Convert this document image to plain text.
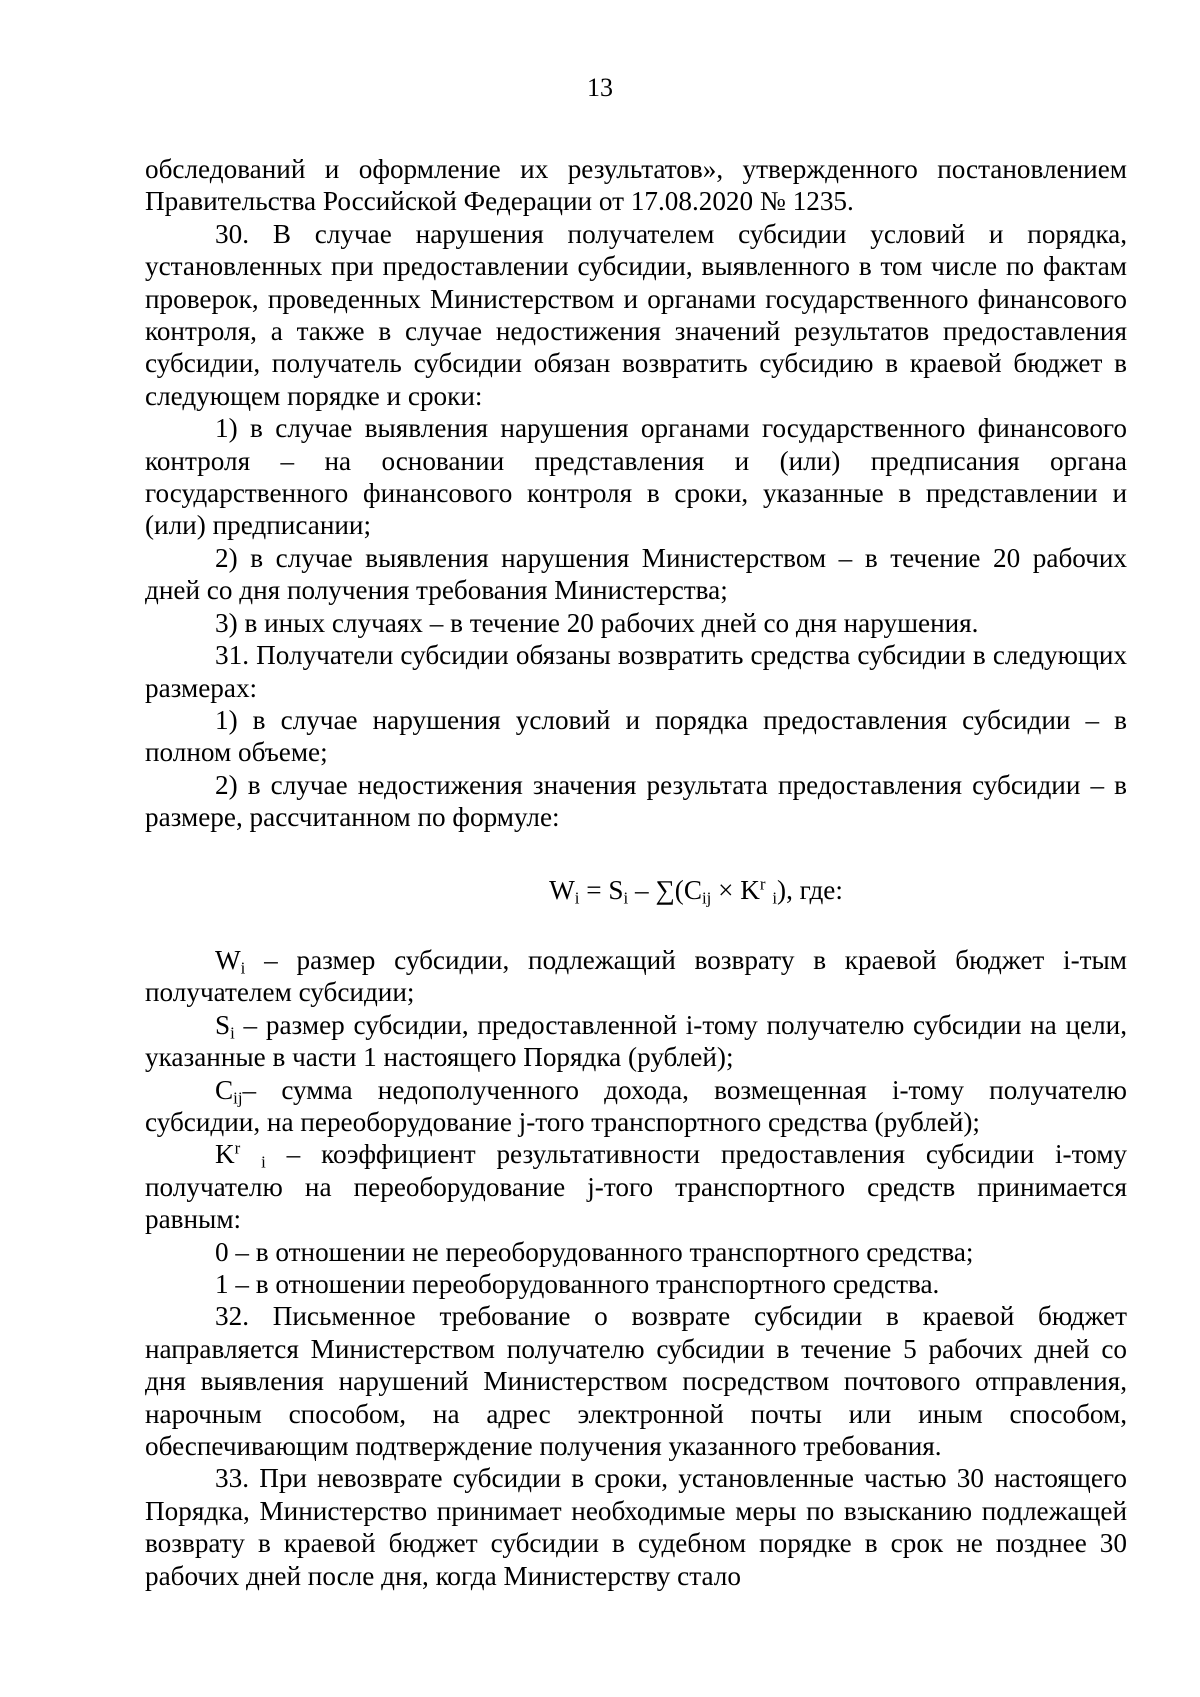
13

обследований и оформление их результатов», утвержденного постановлением Правительства Российской Федерации от 17.08.2020 № 1235.

30. В случае нарушения получателем субсидии условий и порядка, установленных при предоставлении субсидии, выявленного в том числе по фактам проверок, проведенных Министерством и органами государственного финансового контроля, а также в случае недостижения значений результатов предоставления субсидии, получатель субсидии обязан возвратить субсидию в краевой бюджет в следующем порядке и сроки:

1) в случае выявления нарушения органами государственного финансового контроля – на основании представления и (или) предписания органа государственного финансового контроля в сроки, указанные в представлении и (или) предписании;

2) в случае выявления нарушения Министерством – в течение 20 рабочих дней со дня получения требования Министерства;

3) в иных случаях – в течение 20 рабочих дней со дня нарушения.

31. Получатели субсидии обязаны возвратить средства субсидии в следующих размерах:

1) в случае нарушения условий и порядка предоставления субсидии – в полном объеме;

2) в случае недостижения значения результата предоставления субсидии – в размере, рассчитанном по формуле:

$W_i = S_i - \sum(C_{ij} \times K^r$ $_i$), где:

$W_i$ – размер субсидии, подлежащий возврату в краевой бюджет i-тым получателем субсидии;

$S_i$ – размер субсидии, предоставленной i-тому получателю субсидии на цели, указанные в части 1 настоящего Порядка (рублей);

$C_{ij}-$ сумма недополученного дохода, возмещенная i-тому получателю субсидии, на переоборудование j-того транспортного средства (рублей);

$K^r$ $_i$ – коэффициент результативности предоставления субсидии i-тому получателю на переоборудование j-того транспортного средств принимается равным:

0 – в отношении не переоборудованного транспортного средства;

1 – в отношении переоборудованного транспортного средства.

32. Письменное требование о возврате субсидии в краевой бюджет направляется Министерством получателю субсидии в течение 5 рабочих дней со дня выявления нарушений Министерством посредством почтового отправления, нарочным способом, на адрес электронной почты или иным способом, обеспечивающим подтверждение получения указанного требования.

33. При невозврате субсидии в сроки, установленные частью 30 настоящего Порядка, Министерство принимает необходимые меры по взысканию подлежащей возврату в краевой бюджет субсидии в судебном порядке в срок не позднее 30 рабочих дней после дня, когда Министерству стало
